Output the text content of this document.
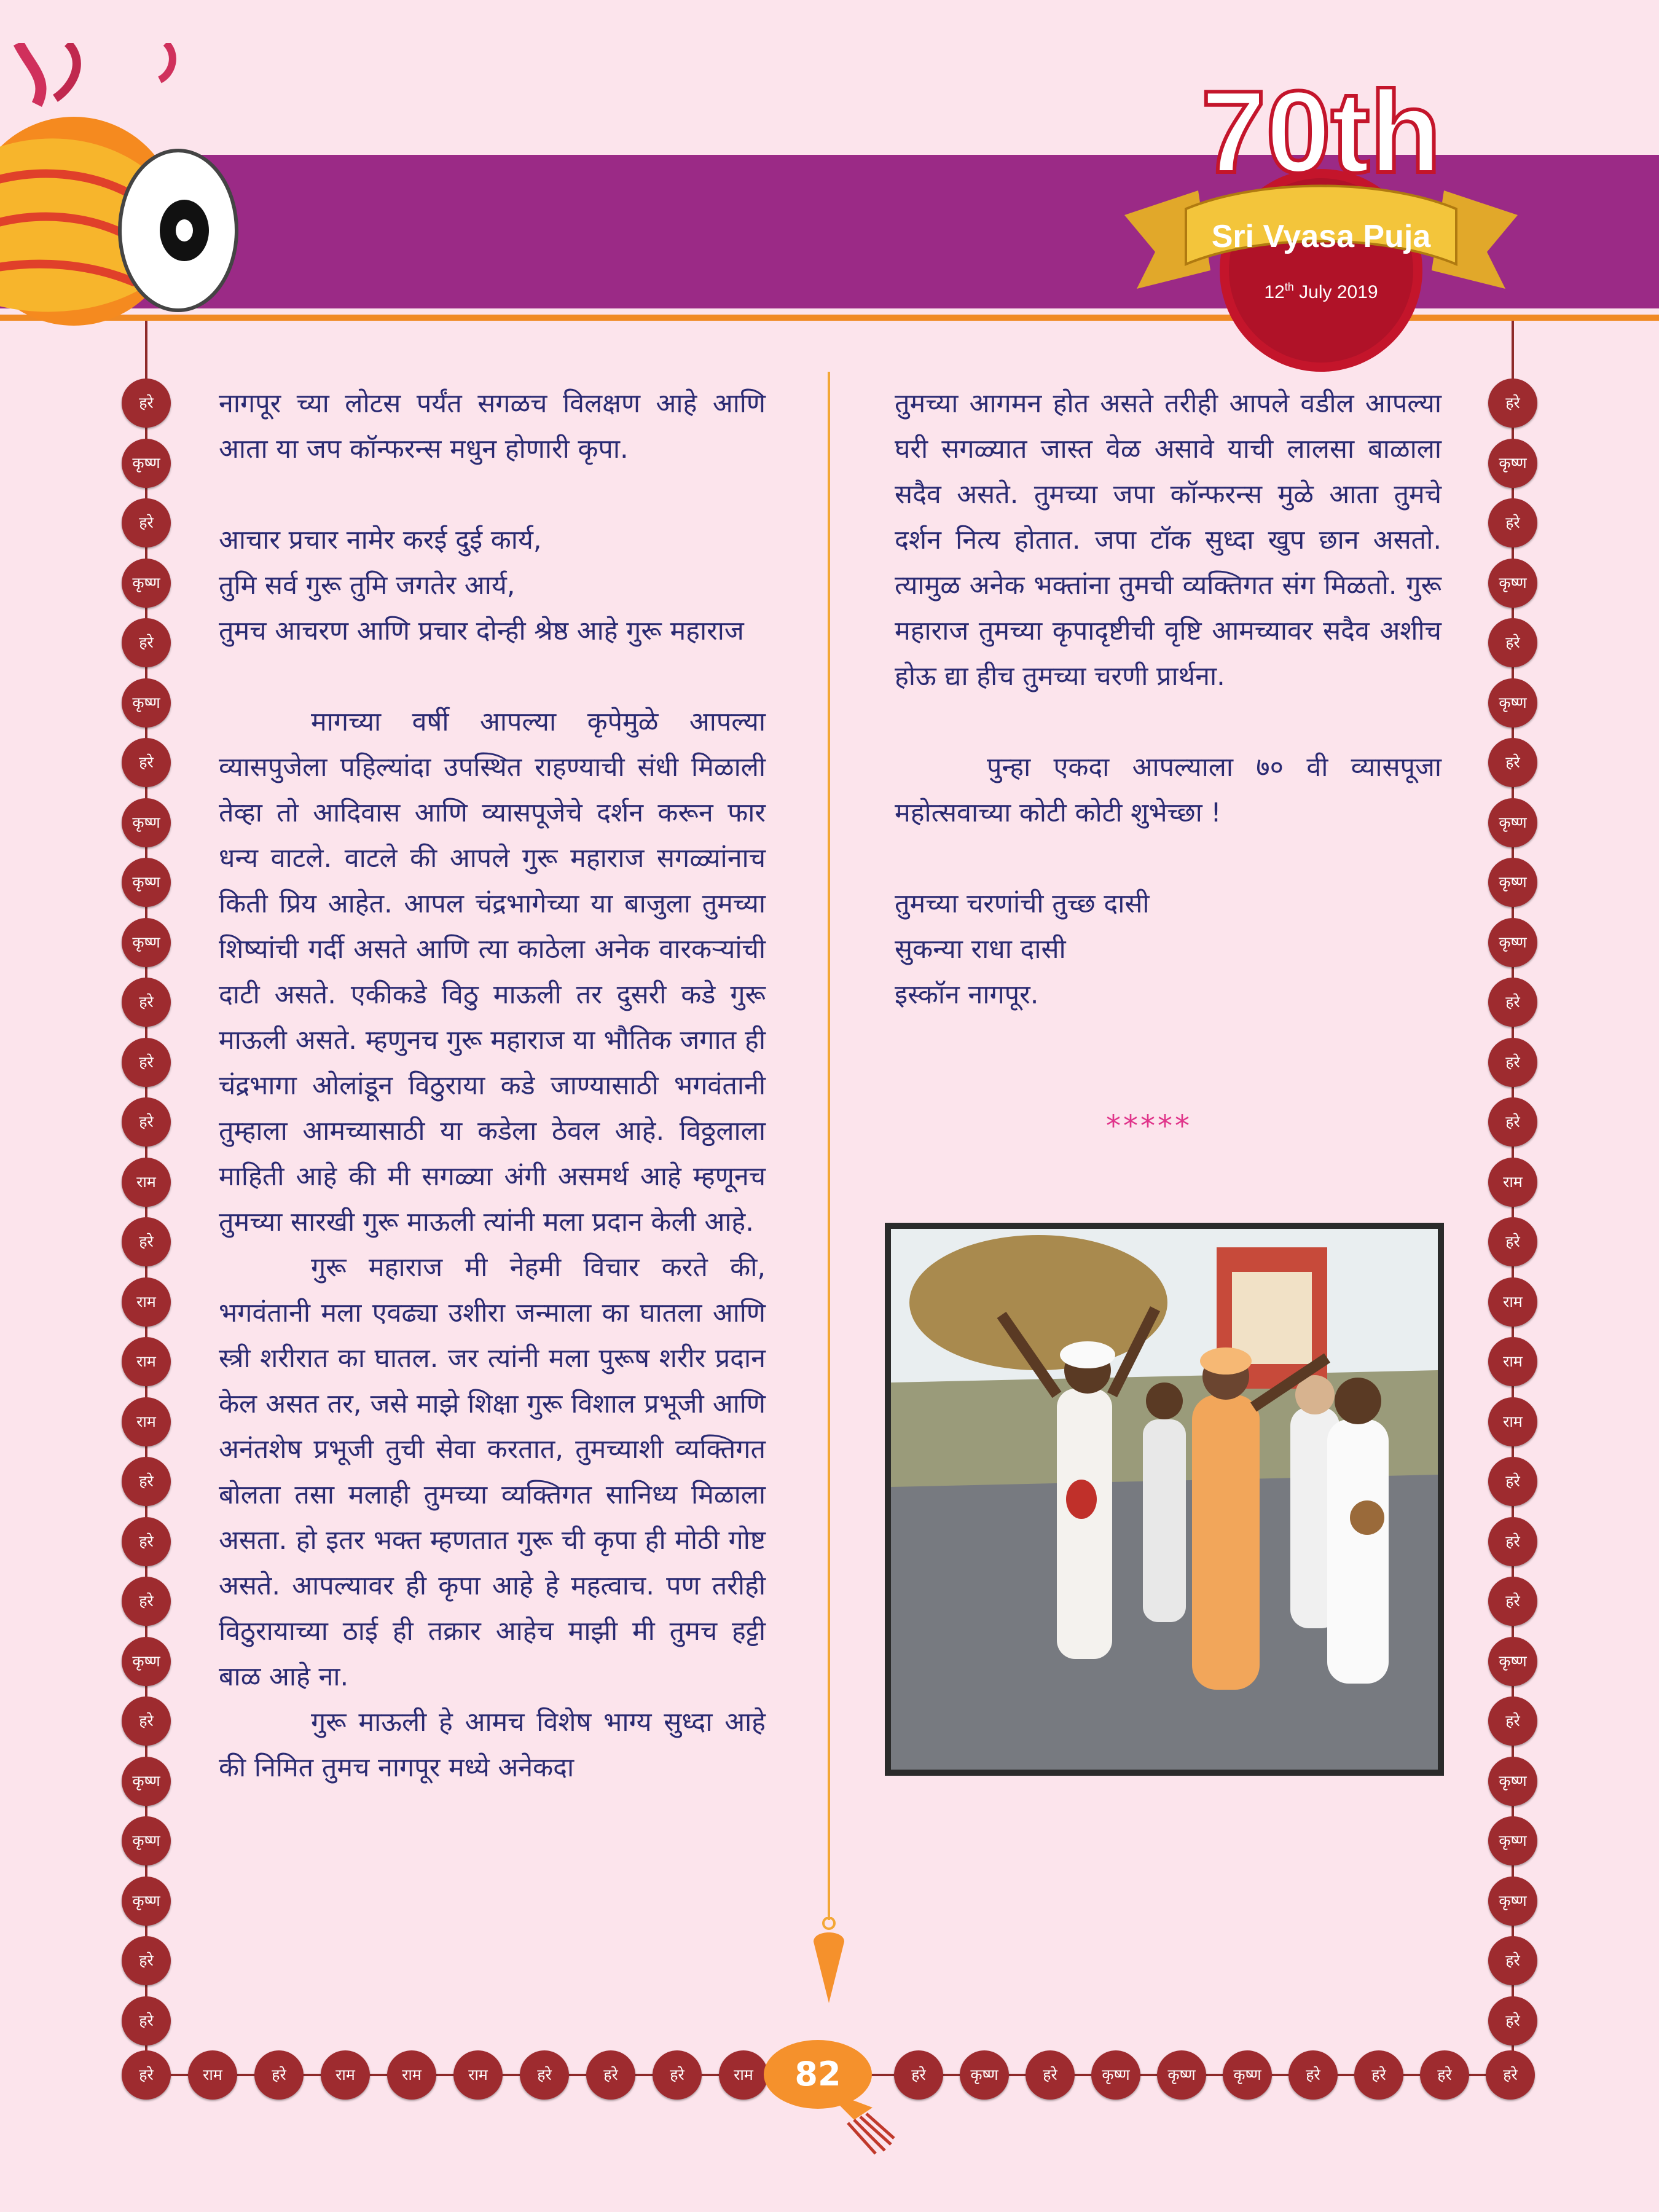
70th
Sri Vyasa Puja
12th July 2019
हरे
कृष्ण
हरे
कृष्ण
हरे
कृष्ण
हरे
कृष्ण
कृष्ण
कृष्ण
हरे
हरे
हरे
राम
हरे
राम
राम
राम
हरे
हरे
हरे
कृष्ण
हरे
कृष्ण
कृष्ण
कृष्ण
हरे
हरे
हरे
कृष्ण
हरे
कृष्ण
हरे
कृष्ण
हरे
कृष्ण
कृष्ण
कृष्ण
हरे
हरे
हरे
राम
हरे
राम
राम
राम
हरे
हरे
हरे
कृष्ण
हरे
कृष्ण
कृष्ण
कृष्ण
हरे
हरे
हरे	राम	हरे	राम	राम	राम	हरे	हरे	हरे	राम	हरे	कृष्ण	हरे	कृष्ण	कृष्ण	कृष्ण	हरे	हरे	हरे	हरे

नागपूर च्या लोटस पर्यंत सगळच विलक्षण आहे आणि आता या जप कॉन्फरन्स मधुन होणारी कृपा.

आचार प्रचार नामेर करई दुई कार्य,

तुमि सर्व गुरू तुमि जगतेर आर्य,

तुमच आचरण आणि प्रचार दोन्ही श्रेष्ठ आहे गुरू महाराज

मागच्या वर्षी आपल्या कृपेमुळे आपल्या व्यासपुजेला पहिल्यांदा उपस्थित राहण्याची संधी मिळाली तेव्हा तो आदिवास आणि व्यासपूजेचे दर्शन करून फार धन्य वाटले. वाटले की आपले गुरू महाराज सगळ्यांनाच किती प्रिय आहेत. आपल चंद्रभागेच्या या बाजुला तुमच्या शिष्यांची गर्दी असते आणि त्या काठेला अनेक वारकऱ्यांची दाटी असते. एकीकडे विठु माऊली तर दुसरी कडे गुरू माऊली असते. म्हणुनच गुरू महाराज या भौतिक जगात ही चंद्रभागा ओलांडून विठुराया कडे जाण्यासाठी भगवंतानी तुम्हाला आमच्यासाठी या कडेला ठेवल आहे. विठ्ठलाला माहिती आहे की मी सगळ्या अंगी असमर्थ आहे म्हणूनच तुमच्या सारखी गुरू माऊली त्यांनी मला प्रदान केली आहे.

गुरू महाराज मी नेहमी विचार करते की, भगवंतानी मला एवढ्या उशीरा जन्माला का घातला आणि स्त्री शरीरात का घातल. जर त्यांनी मला पुरूष शरीर प्रदान केल असत तर, जसे माझे शिक्षा गुरू विशाल प्रभूजी आणि अनंतशेष प्रभूजी तुची सेवा करतात, तुमच्याशी व्यक्तिगत बोलता तसा मलाही तुमच्या व्यक्तिगत सानिध्य मिळाला असता. हो इतर भक्त म्हणतात गुरू ची कृपा ही मोठी गोष्ट असते. आपल्यावर ही कृपा आहे हे महत्वाच. पण तरीही विठुरायाच्या ठाई ही तक्रार आहेच माझी मी तुमच हट्टी बाळ आहे ना.

गुरू माऊली हे आमच विशेष भाग्य सुध्दा आहे की निमित तुमच नागपूर मध्ये अनेकदा

तुमच्या आगमन होत असते तरीही आपले वडील आपल्या घरी सगळ्यात जास्त वेळ असावे याची लालसा बाळाला सदैव असते. तुमच्या जपा कॉन्फरन्स मुळे आता तुमचे दर्शन नित्य होतात. जपा टॉक सुध्दा खुप छान असतो. त्यामुळ अनेक भक्तांना तुमची व्यक्तिगत संग मिळतो. गुरू महाराज तुमच्या कृपादृष्टीची वृष्टि आमच्यावर सदैव अशीच होऊ द्या हीच तुमच्या चरणी प्रार्थना.

पुन्हा एकदा आपल्याला ७० वी व्यासपूजा महोत्सवाच्या कोटी कोटी शुभेच्छा !

तुमच्या चरणांची तुच्छ दासी

सुकन्या राधा दासी

इस्कॉन नागपूर.

*****
82
